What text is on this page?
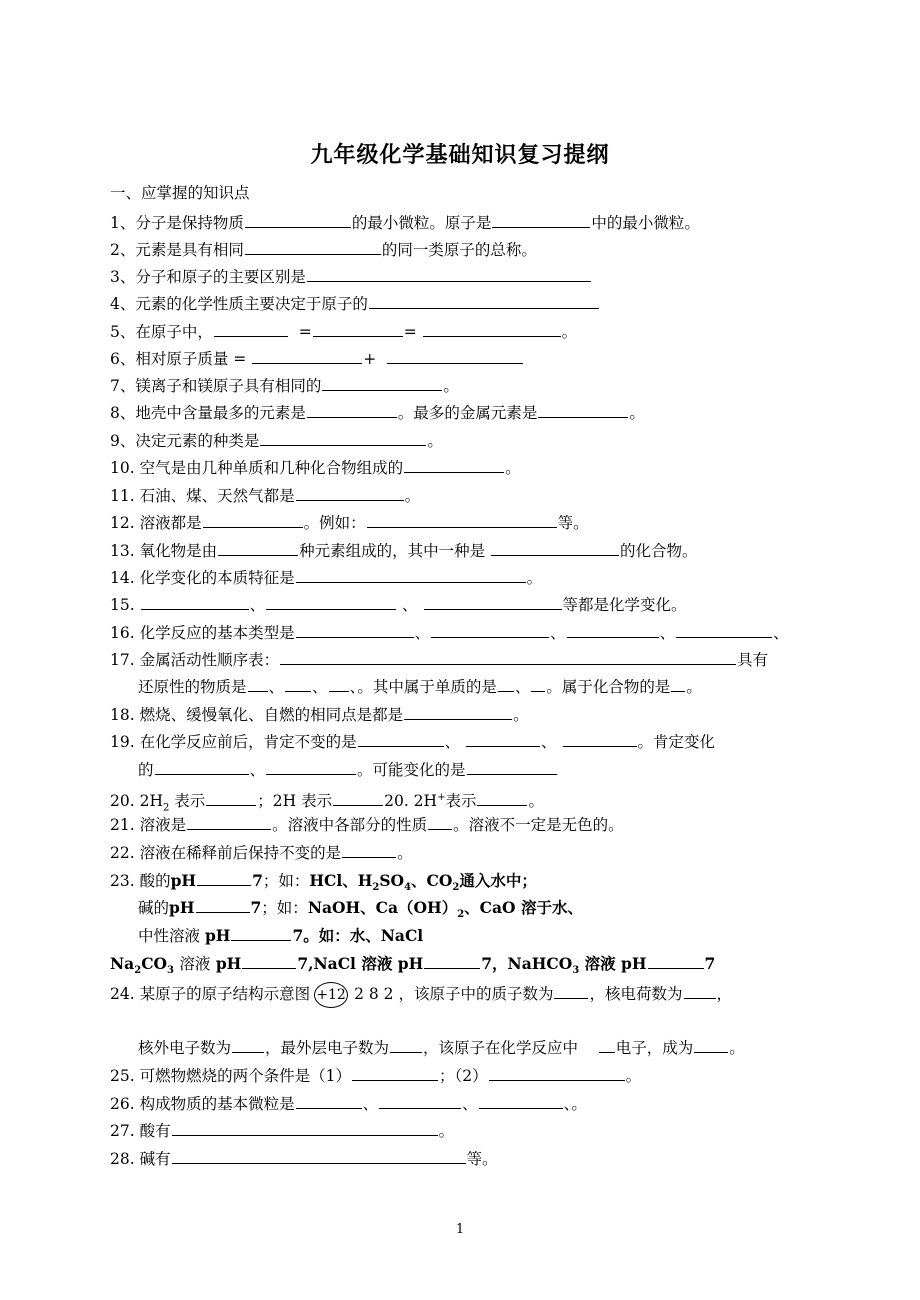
九年级化学基础知识复习提纲
一、应掌握的知识点
1、分子是保持物质	的最小微粒。原子是	中的最小微粒。
2、元素是具有相同	的同一类原子的总称。
3、分子和原子的主要区别是
4、元素的化学性质主要决定于原子的
5、在原子中，	=	=	。
6、相对原子质量 =	+
7、镁离子和镁原子具有相同的	。
8、地壳中含量最多的元素是	。最多的金属元素是	。
9、决定元素的种类是	。
10. 空气是由几种单质和几种化合物组成的	。
11. 石油、煤、天然气都是	。
12. 溶液都是	。例如：	等。
13. 氧化物是由	种元素组成的，其中一种是	的化合物。
14. 化学变化的本质特征是	。
15.	、	、	等都是化学变化。
16. 化学反应的基本类型是	、	、	、	、
17. 金属活动性顺序表：	具有
还原性的物质是 、 、 、。其中属于单质的是 、 。属于化合物的是 。
18. 燃烧、缓慢氧化、自燃的相同点是都是	。
19. 在化学反应前后，肯定不变的是	、	、	。肯定变化
的	、	。可能变化的是
20. $2H_2$ 表示	；2H 表示	20. 2H+表示	。
21. 溶液是	。溶液中各部分的性质 。溶液不一定是无色的。
22. 溶液在稀释前后保持不变的是	。
23. 酸的pH	7；如：HCl、$H_2SO_4$、$CO_2$通入水中；
碱的pH	7；如：NaOH、$Ca(OH)_2$、CaO 溶于水、
中性溶液 pH	7。如：水、NaCl
$Na_2CO_3$ 溶液 pH	7,NaCl 溶液 pH	7，NaHCO$_3$ 溶液 pH	7
24. 某原子的原子结构示意图 +12 2 8 2 ，该原子中的质子数为 ，核电荷数为 ，
核外电子数为 ，最外层电子数为 ，该原子在化学反应中 电子，成为 。
25. 可燃物燃烧的两个条件是（1）	；（2）	。
26. 构成物质的基本微粒是	、	、	、。
27. 酸有	。
28. 碱有	等。
1
